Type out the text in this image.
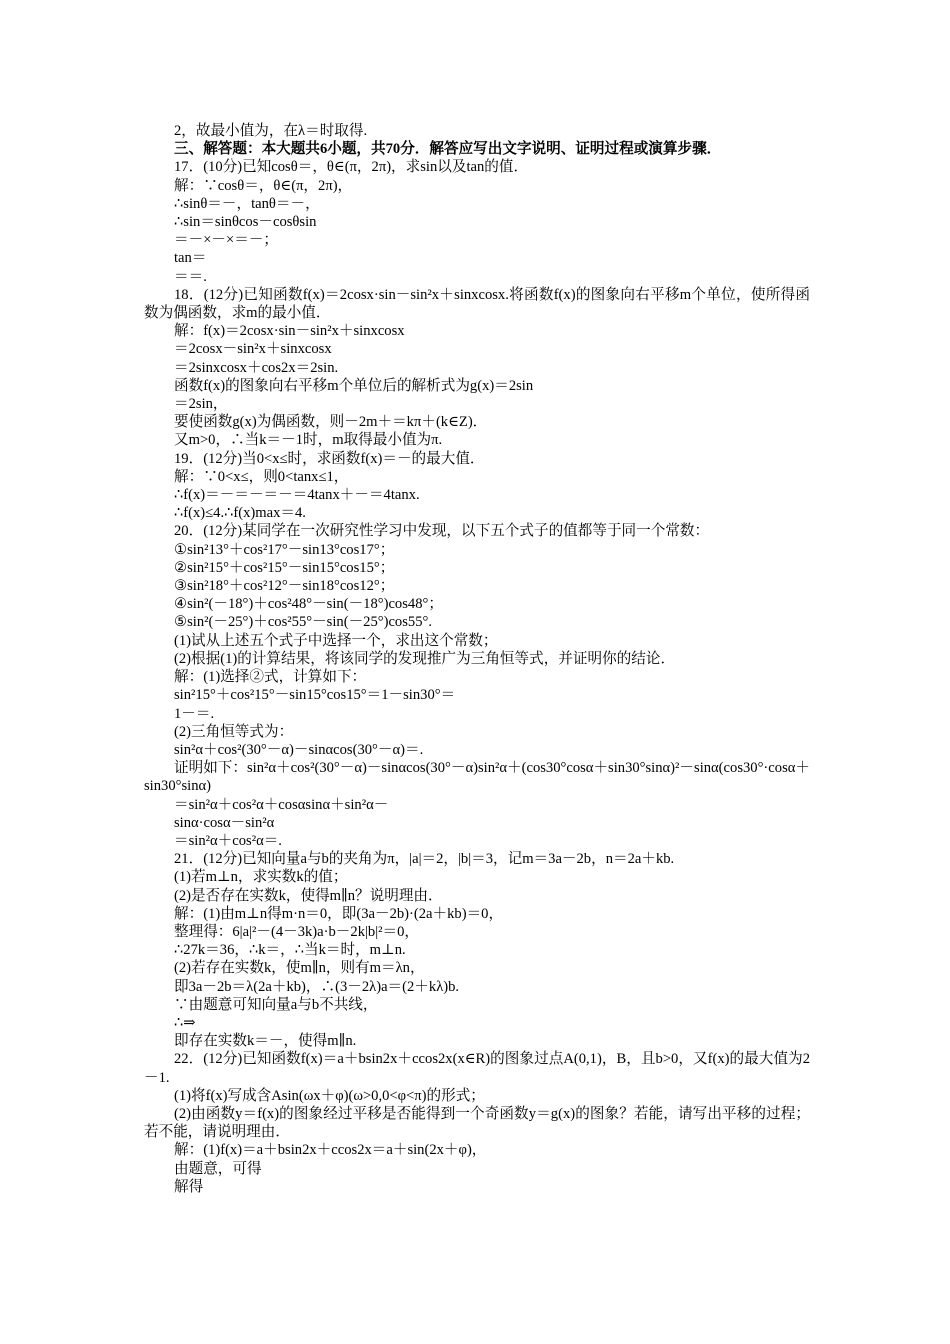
2，故最小值为，在λ＝时取得.
三、解答题：本大题共6小题，共70分．解答应写出文字说明、证明过程或演算步骤．
17．(10分)已知cosθ＝，θ∈(π，2π)，求sin以及tan的值．
解：∵cosθ＝，θ∈(π，2π)，
∴sinθ＝－，tanθ＝－，
∴sin＝sinθcos－cosθsin
＝－×－×＝－；
tan＝
＝＝.
18．(12分)已知函数f(x)＝2cosx·sin－sin²x＋sinxcosx.将函数f(x)的图象向右平移m个单位，使所得函数为偶函数，求m的最小值．
解：f(x)＝2cosx·sin－sin²x＋sinxcosx
＝2cosx－sin²x＋sinxcosx
＝2sinxcosx＋cos2x＝2sin.
函数f(x)的图象向右平移m个单位后的解析式为g(x)＝2sin
＝2sin，
要使函数g(x)为偶函数，则－2m＋＝kπ＋(k∈Z)．
又m>0，∴当k＝－1时，m取得最小值为π.
19．(12分)当0<x≤时，求函数f(x)＝－的最大值．
解：∵0<x≤，则0<tanx≤1，
∴f(x)＝－＝－＝－＝4tanx＋－＝4tanx.
∴f(x)≤4.∴f(x)max＝4.
20．(12分)某同学在一次研究性学习中发现，以下五个式子的值都等于同一个常数：
①sin²13°＋cos²17°－sin13°cos17°；
②sin²15°＋cos²15°－sin15°cos15°；
③sin²18°＋cos²12°－sin18°cos12°；
④sin²(－18°)＋cos²48°－sin(－18°)cos48°；
⑤sin²(－25°)＋cos²55°－sin(－25°)cos55°.
(1)试从上述五个式子中选择一个，求出这个常数；
(2)根据(1)的计算结果，将该同学的发现推广为三角恒等式，并证明你的结论．
解：(1)选择②式，计算如下：
sin²15°＋cos²15°－sin15°cos15°＝1－sin30°＝
1－＝.
(2)三角恒等式为：
sin²α＋cos²(30°－α)－sinαcos(30°－α)＝.
证明如下：sin²α＋cos²(30°－α)－sinαcos(30°－α)sin²α＋(cos30°cosα＋sin30°sinα)²－sinα(cos30°·cosα＋sin30°sinα)
＝sin²α＋cos²α＋cosαsinα＋sin²α－
sinα·cosα－sin²α
＝sin²α＋cos²α＝.
21．(12分)已知向量a与b的夹角为π，|a|＝2，|b|＝3，记m＝3a－2b，n＝2a＋kb.
(1)若m⊥n，求实数k的值；
(2)是否存在实数k，使得m∥n？说明理由．
解：(1)由m⊥n得m·n＝0，即(3a－2b)·(2a＋kb)＝0，
整理得：6|a|²－(4－3k)a·b－2k|b|²＝0，
∴27k＝36，∴k＝，∴当k＝时，m⊥n.
(2)若存在实数k，使m∥n，则有m＝λn，
即3a－2b＝λ(2a＋kb)，∴(3－2λ)a＝(2＋kλ)b.
∵由题意可知向量a与b不共线，
∴⇒
即存在实数k＝－，使得m∥n.
22．(12分)已知函数f(x)＝a＋bsin2x＋ccos2x(x∈R)的图象过点A(0,1)，B，且b>0，又f(x)的最大值为2－1.
(1)将f(x)写成含Asin(ωx＋φ)(ω>0,0<φ<π)的形式；
(2)由函数y＝f(x)的图象经过平移是否能得到一个奇函数y＝g(x)的图象？若能，请写出平移的过程；若不能，请说明理由．
解：(1)f(x)＝a＋bsin2x＋ccos2x＝a＋sin(2x＋φ)，
由题意，可得
解得
